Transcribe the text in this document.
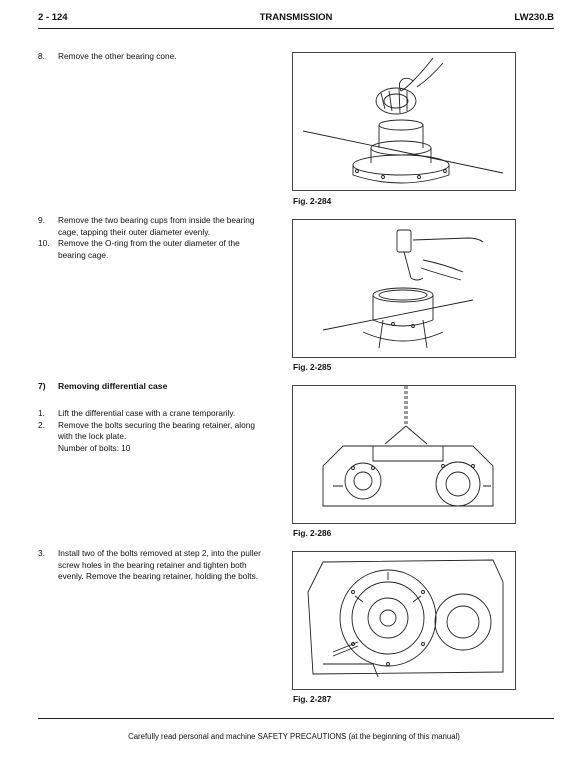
2 - 124	TRANSMISSION	LW230.B
8.	Remove the other bearing cone.
9.	Remove the two bearing cups from inside the bearing cage, tapping their outer diameter evenly.
10.	Remove the O-ring from the outer diameter of the bearing cage.
7) Removing differential case
1.	Lift the differential case with a crane temporarily.
2.	Remove the bolts securing the bearing retainer, along with the lock plate.
Number of bolts: 10
3.	Install two of the bolts removed at step 2, into the puller screw holes in the bearing retainer and tighten both evenly. Remove the bearing retainer, holding the bolts.
Fig. 2-284
Fig. 2-285
Fig. 2-286
Fig. 2-287
Carefully read personal and machine SAFETY PRECAUTIONS (at the beginning of this manual)
